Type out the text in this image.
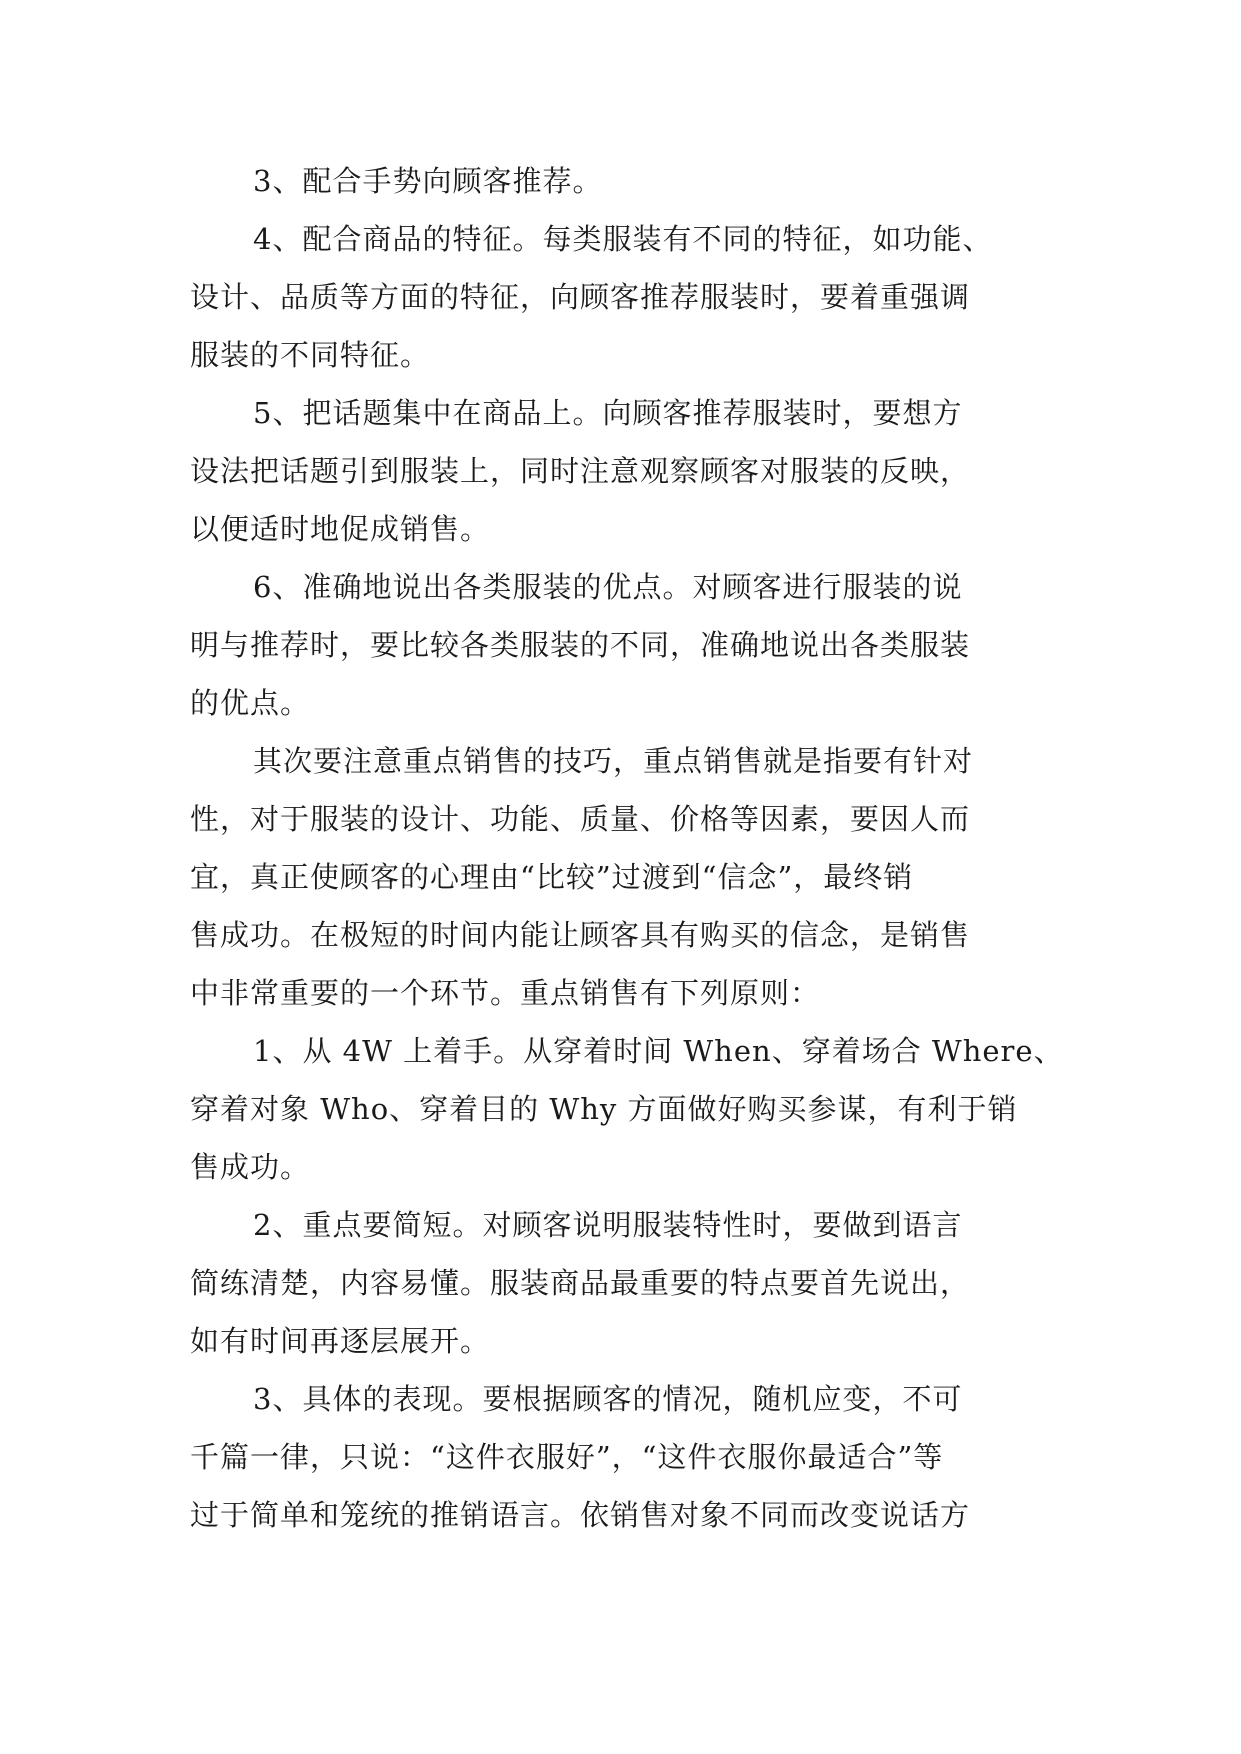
3、配合手势向顾客推荐。
4、配合商品的特征。每类服装有不同的特征，如功能、
设计、品质等方面的特征，向顾客推荐服装时，要着重强调
服装的不同特征。
5、把话题集中在商品上。向顾客推荐服装时，要想方
设法把话题引到服装上，同时注意观察顾客对服装的反映，
以便适时地促成销售。
6、准确地说出各类服装的优点。对顾客进行服装的说
明与推荐时，要比较各类服装的不同，准确地说出各类服装
的优点。
其次要注意重点销售的技巧，重点销售就是指要有针对
性，对于服装的设计、功能、质量、价格等因素，要因人而
宜，真正使顾客的心理由“比较”过渡到“信念”，最终销
售成功。在极短的时间内能让顾客具有购买的信念，是销售
中非常重要的一个环节。重点销售有下列原则：
1、从 4W 上着手。从穿着时间 When、穿着场合 Where、
穿着对象 Who、穿着目的 Why 方面做好购买参谋，有利于销
售成功。
2、重点要简短。对顾客说明服装特性时，要做到语言
简练清楚，内容易懂。服装商品最重要的特点要首先说出，
如有时间再逐层展开。
3、具体的表现。要根据顾客的情况，随机应变，不可
千篇一律，只说：“这件衣服好”，“这件衣服你最适合”等
过于简单和笼统的推销语言。依销售对象不同而改变说话方
